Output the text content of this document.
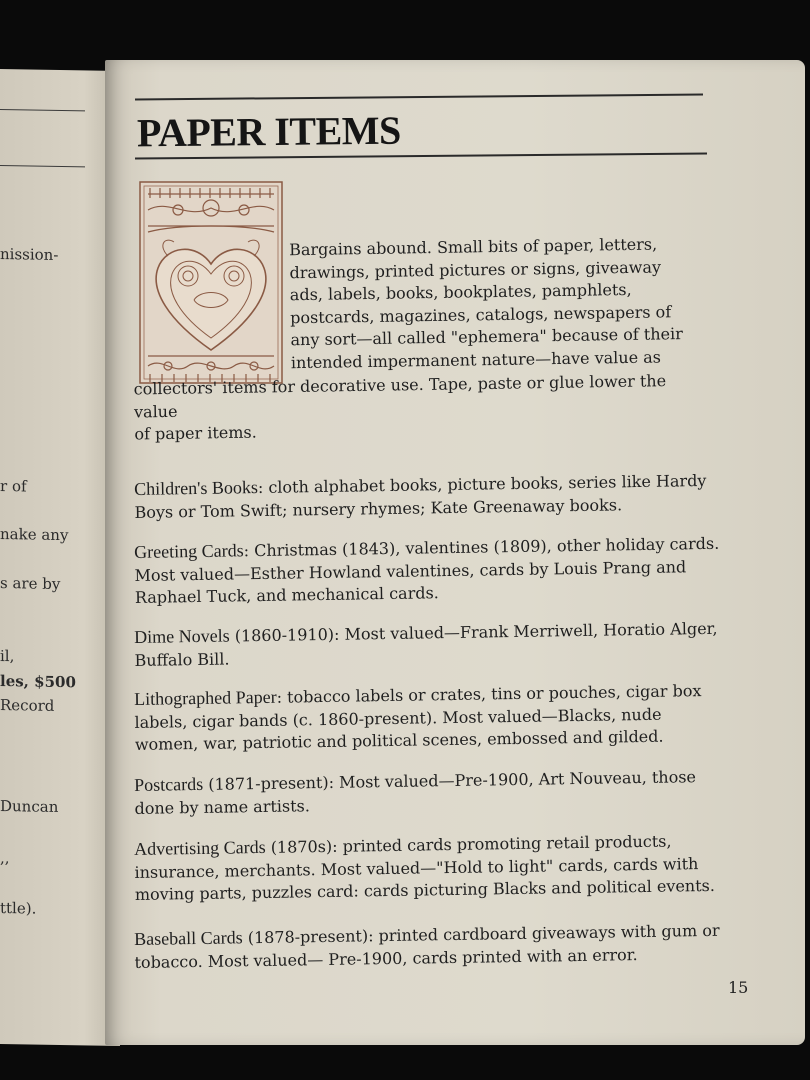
nission-
r of
nake any
s are by
il,
les, $500
Record
Duncan
,,
ttle).
PAPER ITEMS
Bargains abound. Small bits of paper, letters,
drawings, printed pictures or signs, giveaway
ads, labels, books, bookplates, pamphlets,
postcards, magazines, catalogs, newspapers of
any sort—all called "ephemera" because of their
intended impermanent nature—have value as
collectors' items for decorative use. Tape, paste or glue lower the value
of paper items.
Children's Books: cloth alphabet books, picture books, series like Hardy Boys or Tom Swift; nursery rhymes; Kate Greenaway books.
Greeting Cards: Christmas (1843), valentines (1809), other holiday cards. Most valued—Esther Howland valentines, cards by Louis Prang and Raphael Tuck, and mechanical cards.
Dime Novels (1860-1910): Most valued—Frank Merriwell, Horatio Alger, Buffalo Bill.
Lithographed Paper: tobacco labels or crates, tins or pouches, cigar box labels, cigar bands (c. 1860-present). Most valued—Blacks, nude women, war, patriotic and political scenes, embossed and gilded.
Postcards (1871-present): Most valued—Pre-1900, Art Nouveau, those done by name artists.
Advertising Cards (1870s): printed cards promoting retail products, insurance, merchants. Most valued—"Hold to light" cards, cards with moving parts, puzzles card: cards picturing Blacks and political events.
Baseball Cards (1878-present): printed cardboard giveaways with gum or tobacco. Most valued— Pre-1900, cards printed with an error.
15
